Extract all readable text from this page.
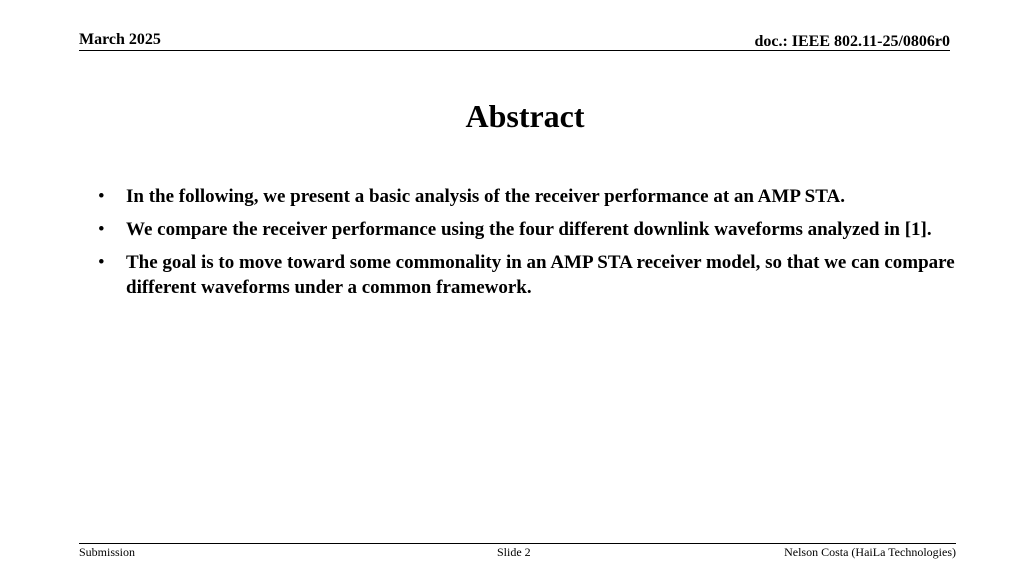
March 2025	doc.: IEEE 802.11-25/0806r0
Abstract
• In the following, we present a basic analysis of the receiver performance at an AMP STA.
• We compare the receiver performance using the four different downlink waveforms analyzed in [1].
• The goal is to move toward some commonality in an AMP STA receiver model, so that we can compare different waveforms under a common framework.
Submission	Slide 2	Nelson Costa (HaiLa Technologies)
